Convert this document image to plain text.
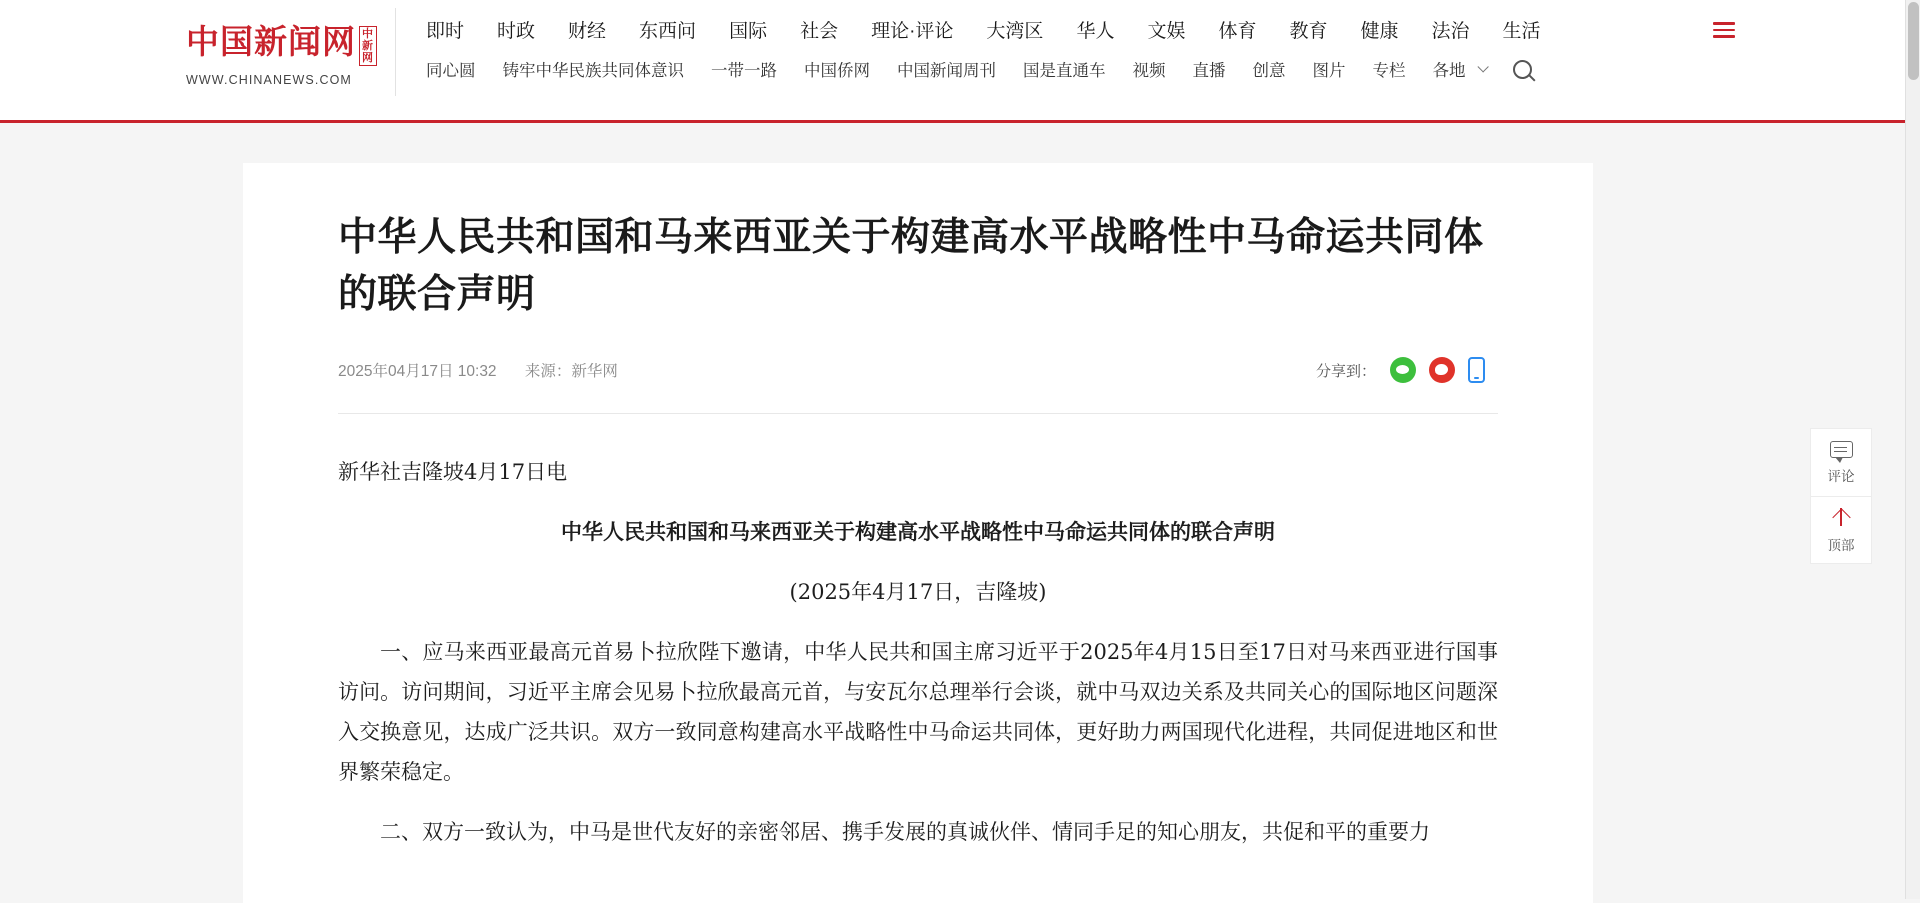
中国新闻网 中
新
网
WWW.CHINANEWS.COM
即时 时政 财经 东西问 国际 社会 理论·评论 大湾区 华人 文娱 体育 教育 健康 法治 生活
同心圆 铸牢中华民族共同体意识 一带一路 中国侨网 中国新闻周刊 国是直通车 视频 直播 创意 图片 专栏 各地
中华人民共和国和马来西亚关于构建高水平战略性中马命运共同体的联合声明
2025年04月17日 10:32 来源：新华网	分享到：

新华社吉隆坡4月17日电

中华人民共和国和马来西亚关于构建高水平战略性中马命运共同体的联合声明

(2025年4月17日，吉隆坡)

一、应马来西亚最高元首易卜拉欣陛下邀请，中华人民共和国主席习近平于2025年4月15日至17日对马来西亚进行国事访问。访问期间，习近平主席会见易卜拉欣最高元首，与安瓦尔总理举行会谈，就中马双边关系及共同关心的国际地区问题深入交换意见，达成广泛共识。双方一致同意构建高水平战略性中马命运共同体，更好助力两国现代化进程，共同促进地区和世界繁荣稳定。

二、双方一致认为，中马是世代友好的亲密邻居、携手发展的真诚伙伴、情同手足的知心朋友，共促和平的重要力

评论
顶部
